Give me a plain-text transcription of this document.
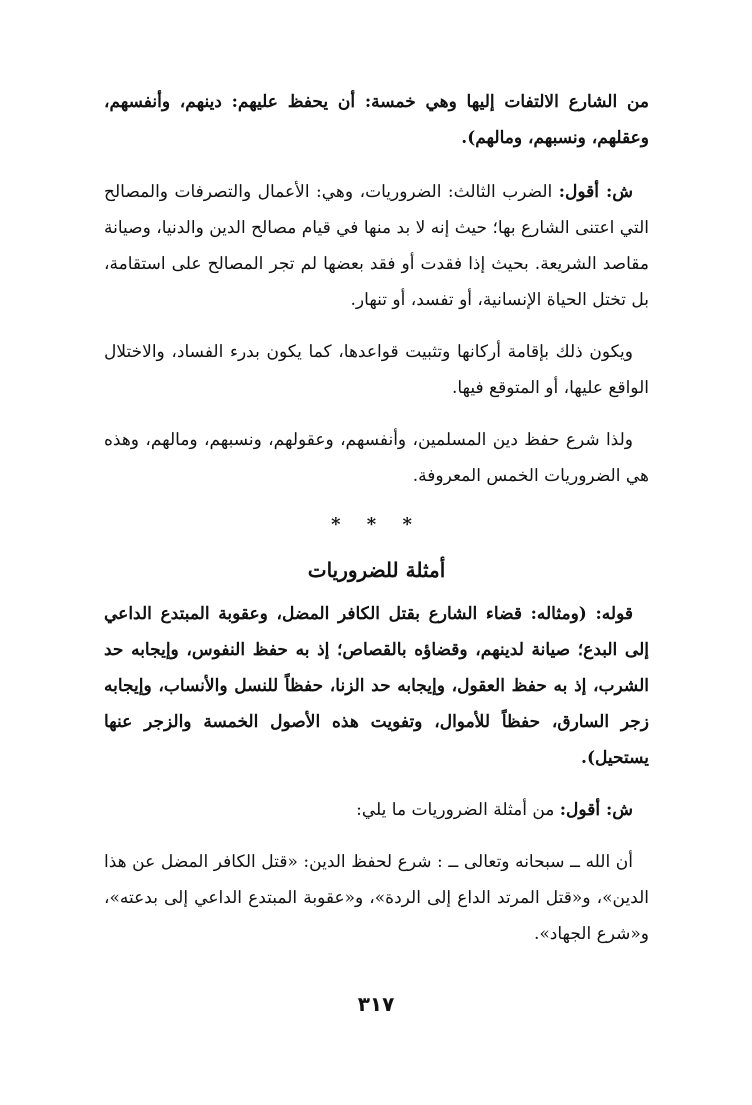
من الشارع الالتفات إليها وهي خمسة: أن يحفظ عليهم: دينهم، وأنفسهم، وعقلهم، ونسبهم، ومالهم).

ش: أقول: الضرب الثالث: الضروريات، وهي: الأعمال والتصرفات والمصالح التي اعتنى الشارع بها؛ حيث إنه لا بد منها في قيام مصالح الدين والدنيا، وصيانة مقاصد الشريعة. بحيث إذا فقدت أو فقد بعضها لم تجر المصالح على استقامة، بل تختل الحياة الإنسانية، أو تفسد، أو تنهار.

ويكون ذلك بإقامة أركانها وتثبيت قواعدها، كما يكون بدرء الفساد، والاختلال الواقع عليها، أو المتوقع فيها.

ولذا شرع حفظ دين المسلمين، وأنفسهم، وعقولهم، ونسبهم، ومالهم، وهذه هي الضروريات الخمس المعروفة.

* * *
أمثلة للضروريات

قوله: (ومثاله: قضاء الشارع بقتل الكافر المضل، وعقوبة المبتدع الداعي إلى البدع؛ صيانة لدينهم، وقضاؤه بالقصاص؛ إذ به حفظ النفوس، وإيجابه حد الشرب، إذ به حفظ العقول، وإيجابه حد الزنا، حفظاً للنسل والأنساب، وإيجابه زجر السارق، حفظاً للأموال، وتفويت هذه الأصول الخمسة والزجر عنها يستحيل).

ش: أقول: من أمثلة الضروريات ما يلي:

أن الله ــ سبحانه وتعالى ــ : شرع لحفظ الدين: «قتل الكافر المضل عن هذا الدين»، و«قتل المرتد الداع إلى الردة»، و«عقوبة المبتدع الداعي إلى بدعته»، و«شرع الجهاد».

٣١٧
